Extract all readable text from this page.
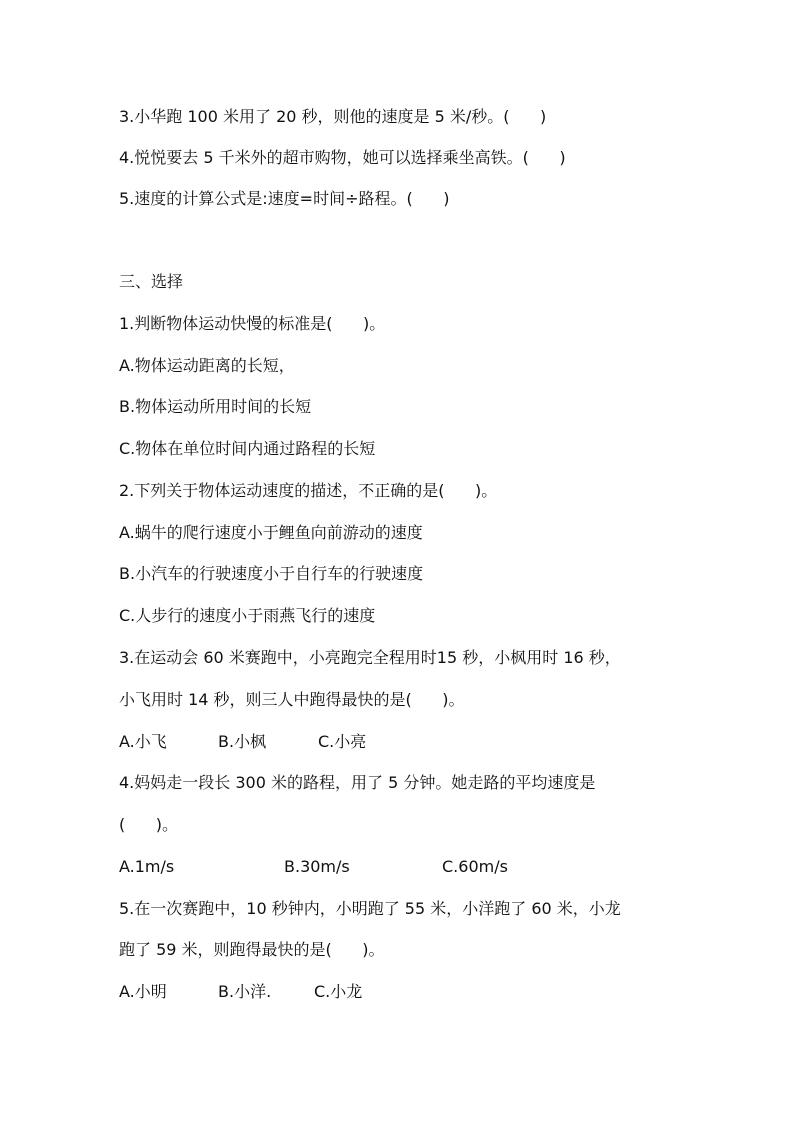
3.小华跑 100 米用了 20 秒，则他的速度是 5 米/秒。(      )
4.悦悦要去 5 千米外的超市购物，她可以选择乘坐高铁。(      )
5.速度的计算公式是:速度=时间÷路程。(      )
三、选择
1.判断物体运动快慢的标准是(      )。
A.物体运动距离的长短，
B.物体运动所用时间的长短
C.物体在单位时间内通过路程的长短
2.下列关于物体运动速度的描述，不正确的是(      )。
A.蜗牛的爬行速度小于鲤鱼向前游动的速度
B.小汽车的行驶速度小于自行车的行驶速度
C.人步行的速度小于雨燕飞行的速度
3.在运动会 60 米赛跑中，小亮跑完全程用时15 秒，小枫用时 16 秒，
小飞用时 14 秒，则三人中跑得最快的是(      )。
A.小飞	B.小枫	C.小亮
4.妈妈走一段长 300 米的路程，用了 5 分钟。她走路的平均速度是
(      )。
A.1m/s	B.30m/s	C.60m/s
5.在一次赛跑中，10 秒钟内，小明跑了 55 米，小洋跑了 60 米，小龙
跑了 59 米，则跑得最快的是(      )。
A.小明	B.小洋.	C.小龙
